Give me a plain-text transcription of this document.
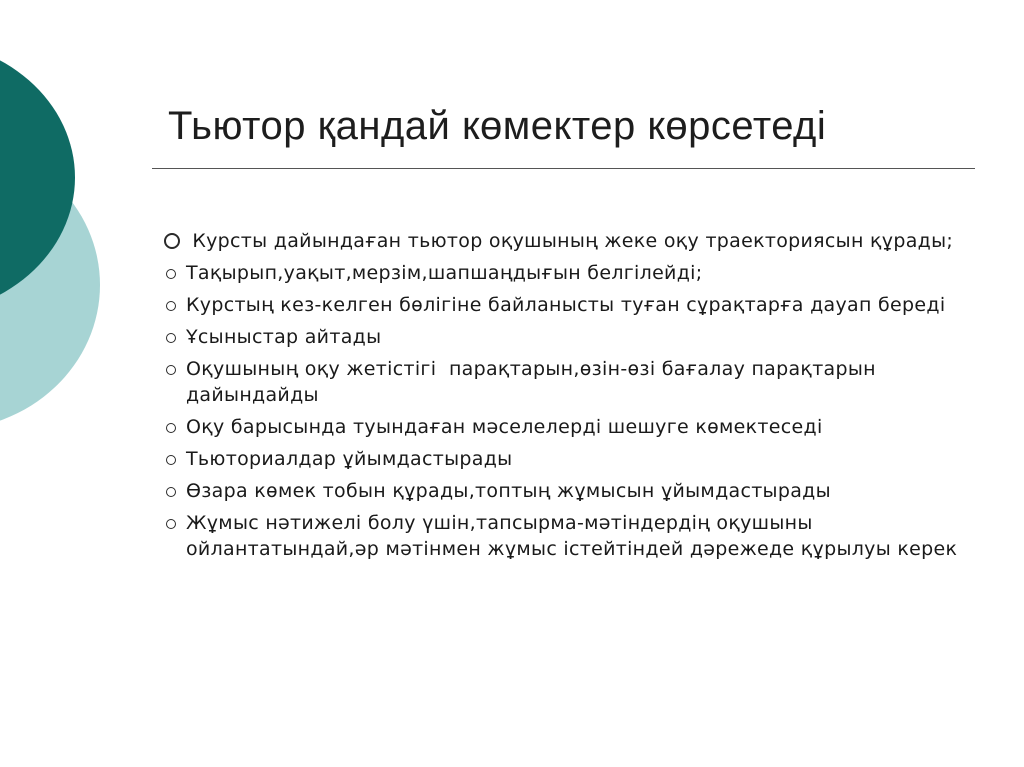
Тьютор қандай көмектер көрсетеді
Курсты дайындаған тьютор оқушының жеке оқу траекториясын құрады;
Тақырып,уақыт,мерзім,шапшаңдығын белгілейді;
Курстың кез-келген бөлігіне байланысты туған сұрақтарға дауап береді
Ұсыныстар айтады
Оқушының оқу жетістігі  парақтарын,өзін-өзі бағалау парақтарын дайындайды
Оқу барысында туындаған мәселелерді шешуге көмектеседі
Тьюториалдар ұйымдастырады
Өзара көмек тобын құрады,топтың жұмысын ұйымдастырады
Жұмыс нәтижелі болу үшін,тапсырма-мәтіндердің оқушыны ойлантатындай,әр мәтінмен жұмыс істейтіндей дәрежеде құрылуы керек
